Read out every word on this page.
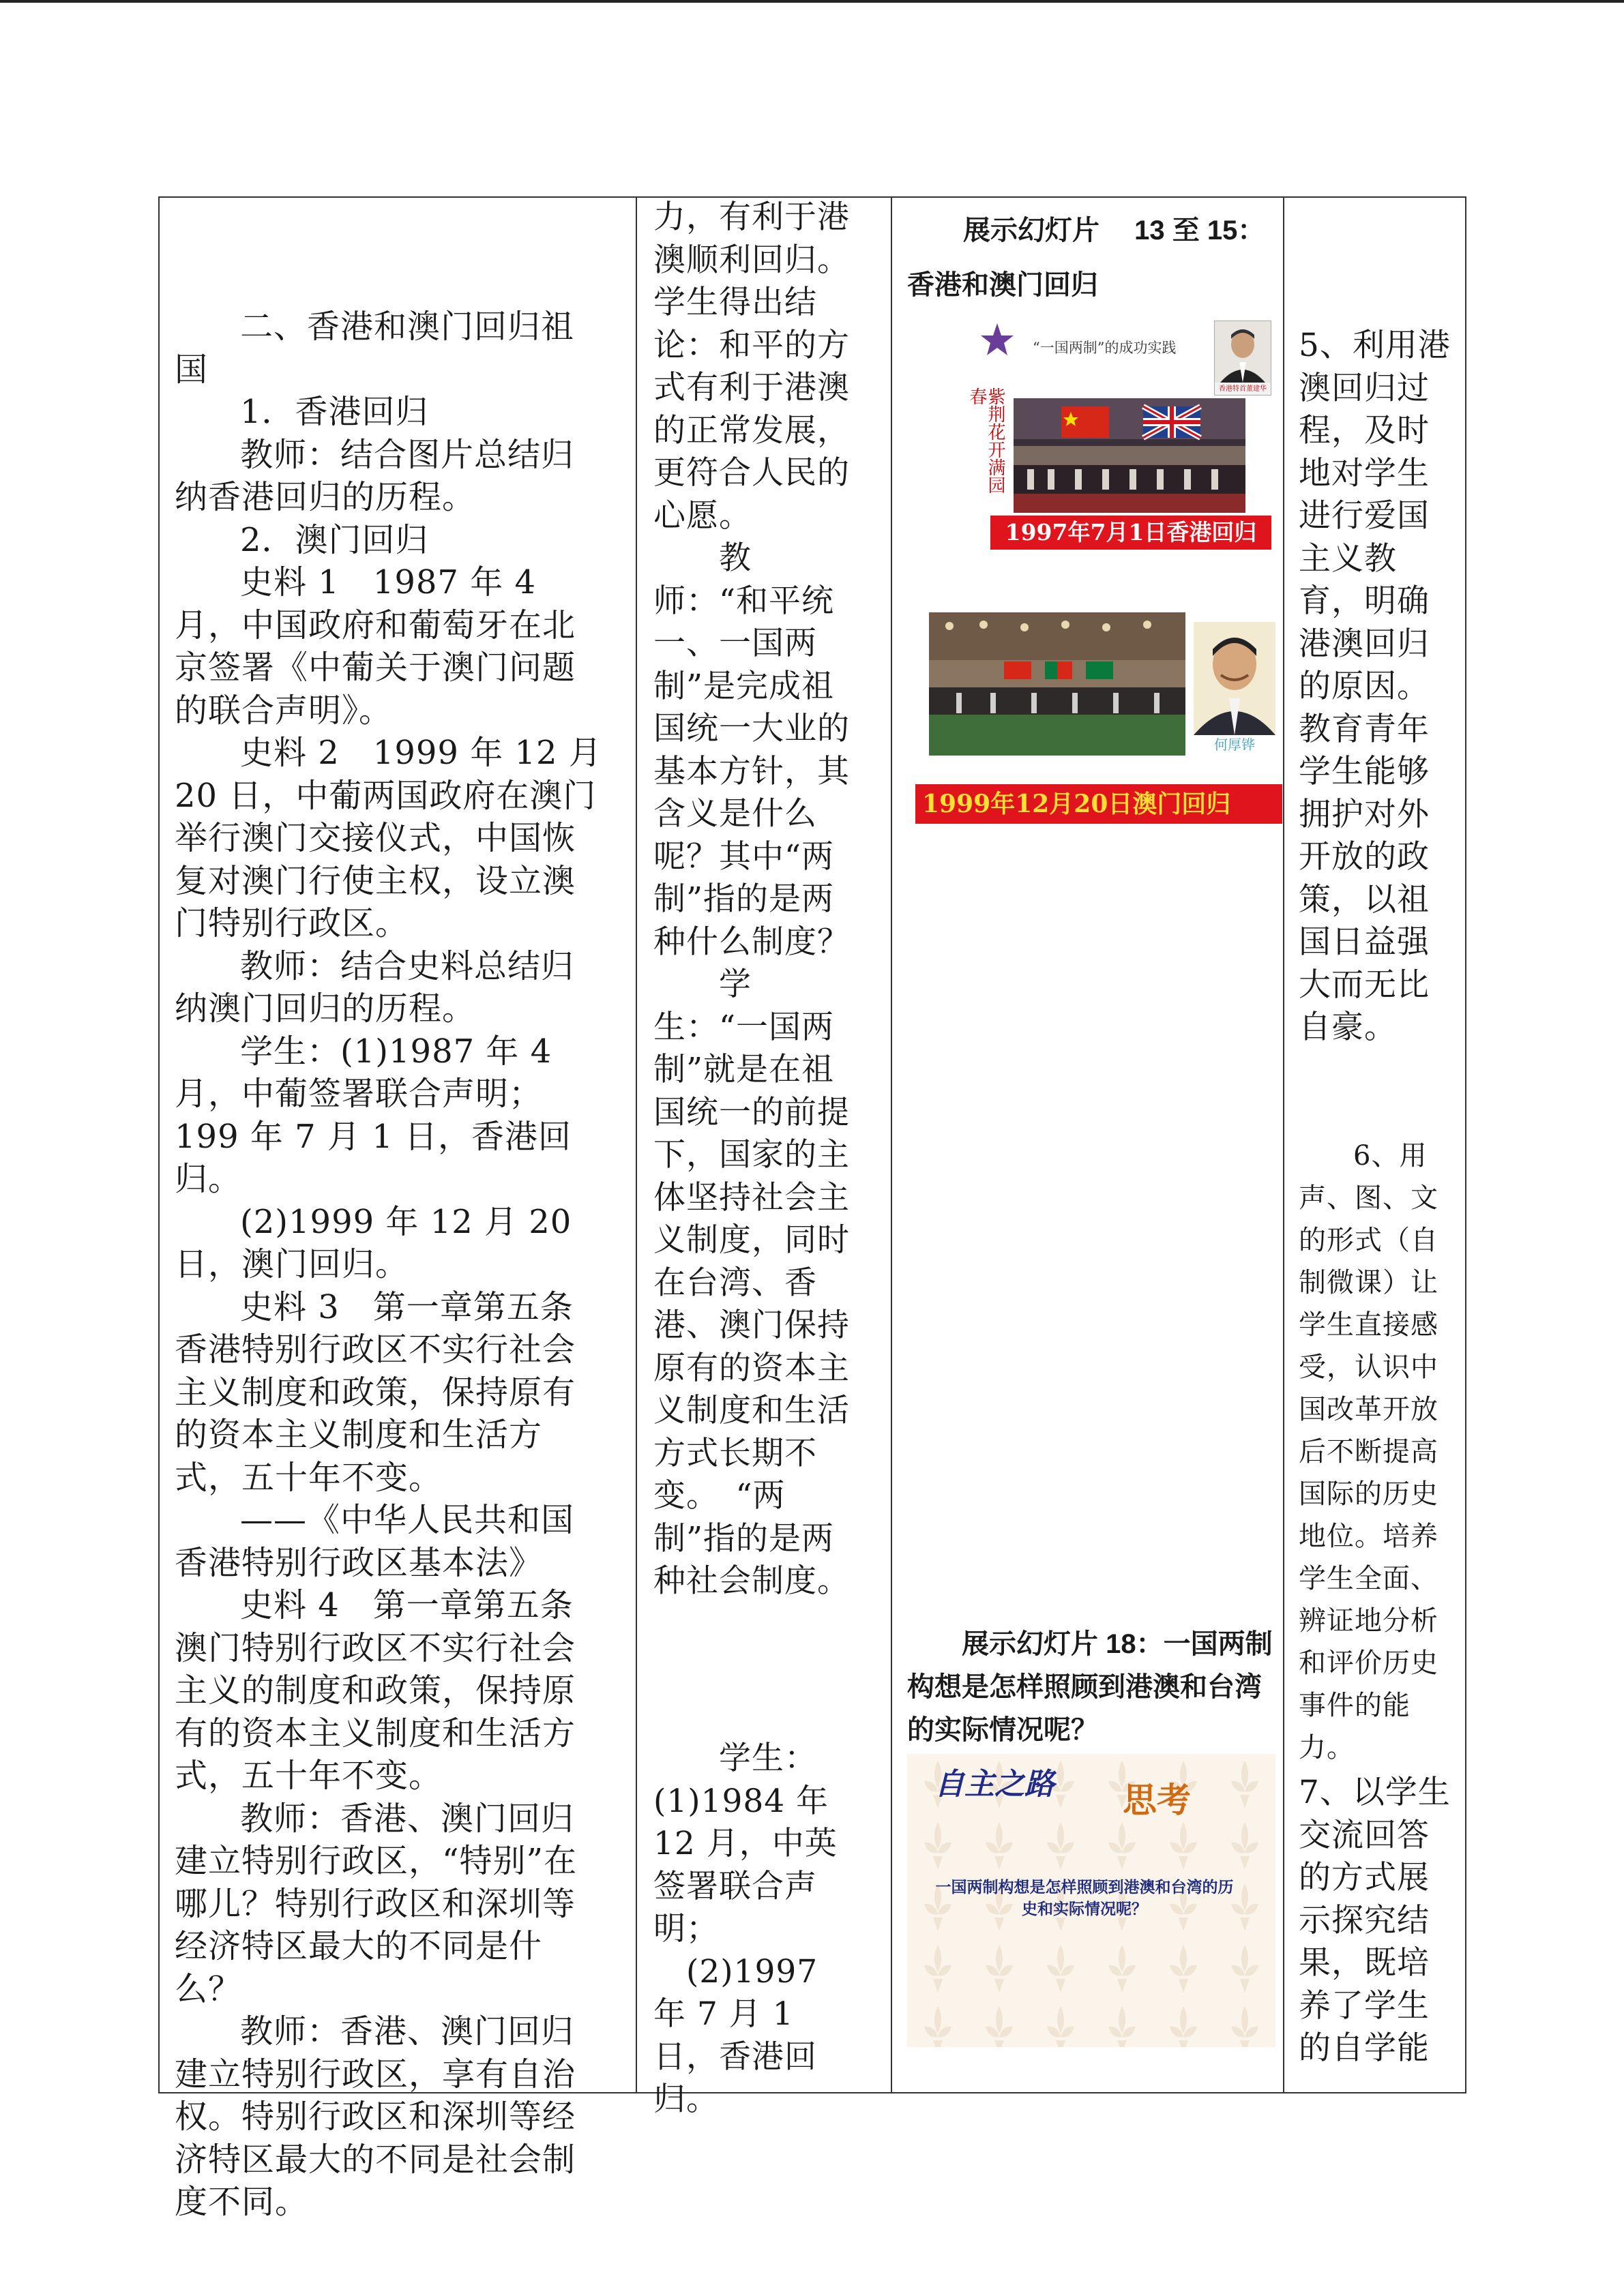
二、香港和澳门回归祖国

1．香港回归

教师：结合图片总结归纳香港回归的历程。

2．澳门回归

史料 1　1987 年 4 月，中国政府和葡萄牙在北京签署《中葡关于澳门问题的联合声明》。

史料 2　1999 年 12 月 20 日，中葡两国政府在澳门举行澳门交接仪式，中国恢复对澳门行使主权，设立澳门特别行政区。

教师：结合史料总结归纳澳门回归的历程。

学生：(1)1987 年 4 月，中葡签署联合声明；199 年 7 月 1 日，香港回归。

(2)1999 年 12 月 20 日，澳门回归。

史料 3　第一章第五条 香港特别行政区不实行社会主义制度和政策，保持原有的资本主义制度和生活方式，五十年不变。

——《中华人民共和国香港特别行政区基本法》

史料 4　第一章第五条 澳门特别行政区不实行社会主义的制度和政策，保持原有的资本主义制度和生活方式，五十年不变。

教师：香港、澳门回归建立特别行政区，“特别”在哪儿？特别行政区和深圳等经济特区最大的不同是什么？

教师：香港、澳门回归建立特别行政区，享有自治权。特别行政区和深圳等经济特区最大的不同是社会制度不同。

力，有利于港澳顺利回归。学生得出结论：和平的方式有利于港澳的正常发展，更符合人民的心愿。

教师：“和平统一、一国两制”是完成祖国统一大业的基本方针，其含义是什么呢？其中“两制”指的是两种什么制度？

学生：“一国两制”就是在祖国统一的前提下，国家的主体坚持社会主义制度，同时在台湾、香港、澳门保持原有的资本主义制度和生活方式长期不变。　“两制”指的是两种社会制度。

学生：

(1)1984 年 12 月，中英签署联合声明；

(2)1997 年 7 月 1 日，香港回归。

展示幻灯片　 13 至 15：
香港和澳门回归
“一国两制”的成功实践
香港特首董建华
紫荆花开满园春
1997年7月1日香港回归
何厚铧
1999年12月20日澳门回归
展示幻灯片 18：一国两制构想是怎样照顾到港澳和台湾的实际情况呢？
自主之路 思考
一国两制构想是怎样照顾到港澳和台湾的历史和实际情况呢？
5、利用港澳回归过程，及时地对学生进行爱国主义教育，明确港澳回归的原因。教育青年学生能够拥护对外开放的政策，以祖国日益强大而无比自豪。
6、用声、图、文的形式（自制微课）让学生直接感受，认识中国改革开放后不断提高国际的历史地位。培养学生全面、辨证地分析和评价历史事件的能力。
7、以学生交流回答的方式展示探究结果，既培养了学生的自学能
